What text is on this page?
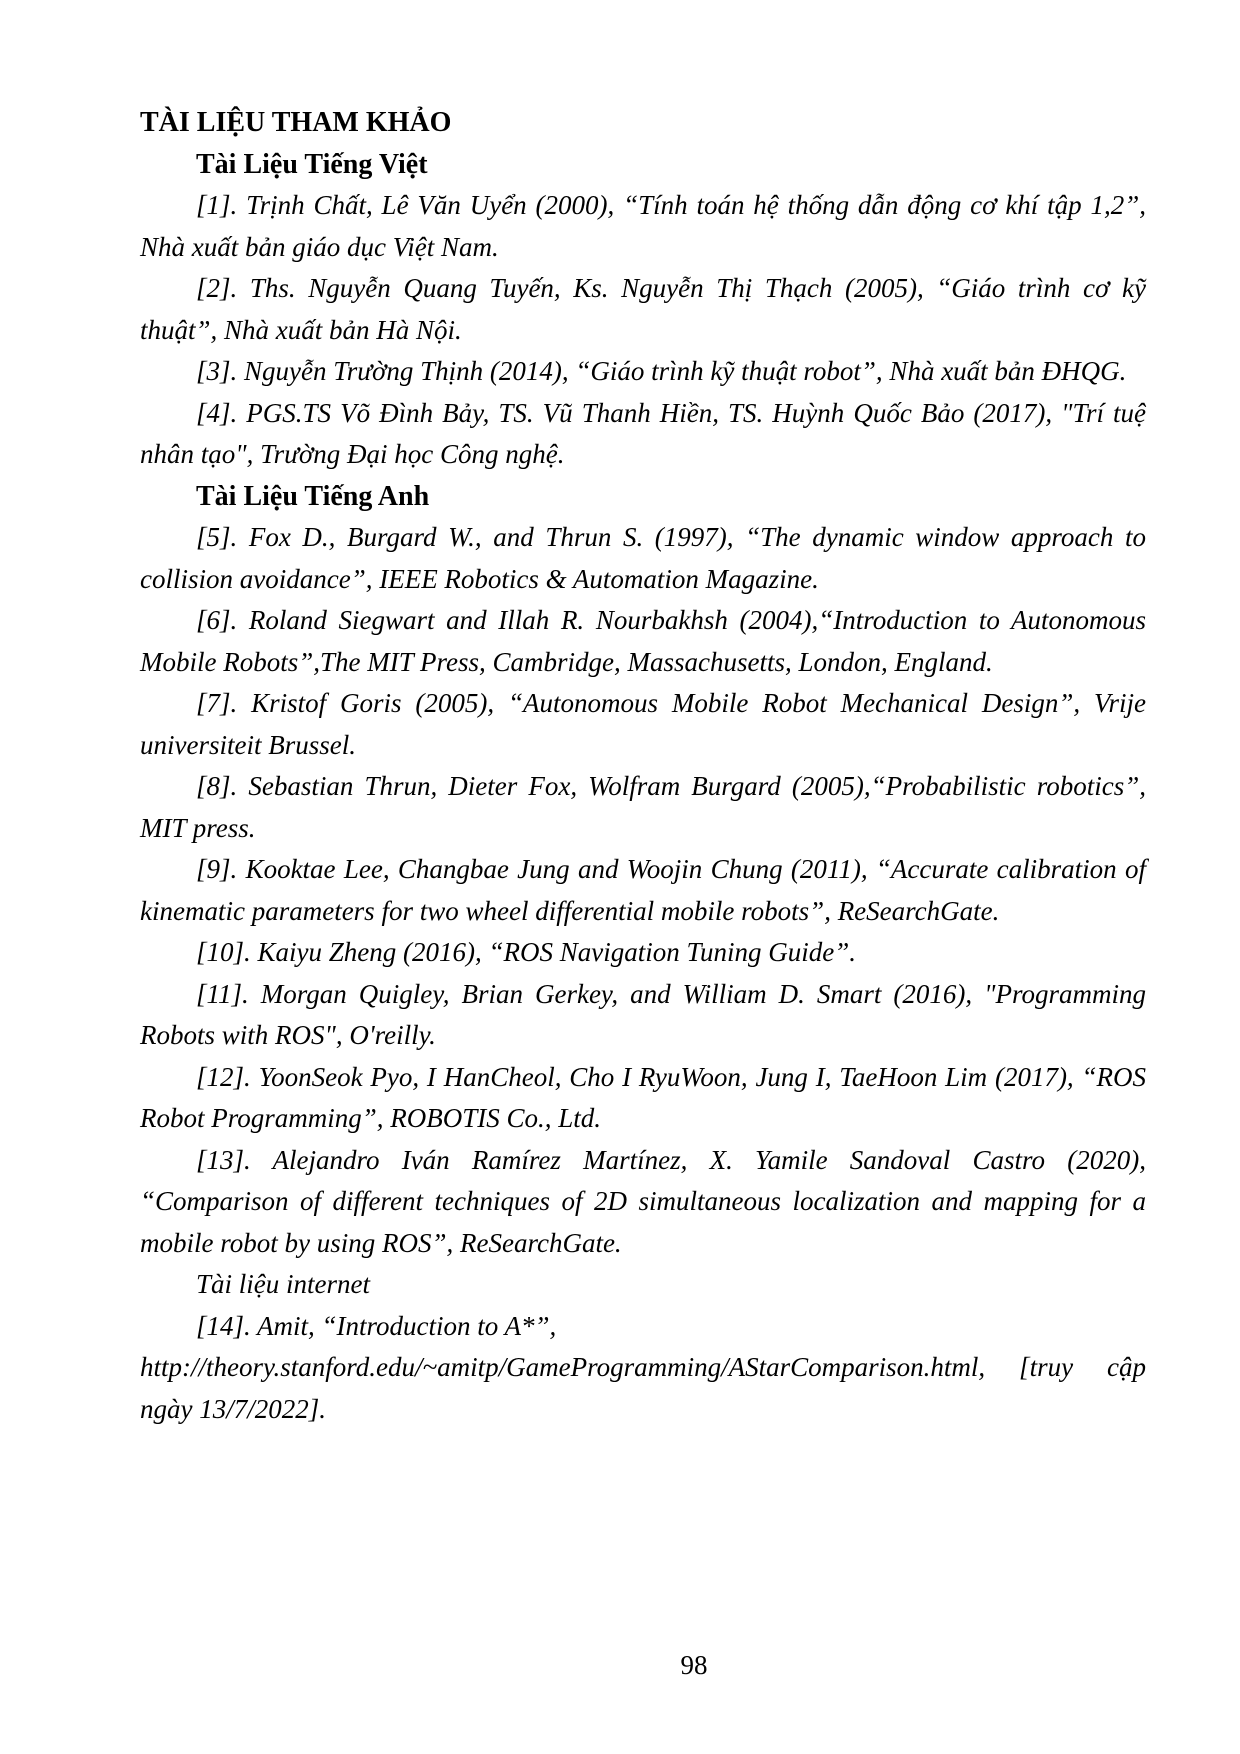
TÀI LIỆU THAM KHẢO
Tài Liệu Tiếng Việt

[1]. Trịnh Chất, Lê Văn Uyển (2000), “Tính toán hệ thống dẫn động cơ khí tập 1,2”, Nhà xuất bản giáo dục Việt Nam.

[2]. Ths. Nguyễn Quang Tuyến, Ks. Nguyễn Thị Thạch (2005), “Giáo trình cơ kỹ thuật”, Nhà xuất bản Hà Nội.

[3]. Nguyễn Trường Thịnh (2014), “Giáo trình kỹ thuật robot”, Nhà xuất bản ĐHQG.

[4]. PGS.TS Võ Đình Bảy, TS. Vũ Thanh Hiền, TS. Huỳnh Quốc Bảo (2017), "Trí tuệ nhân tạo", Trường Đại học Công nghệ.

Tài Liệu Tiếng Anh

[5]. Fox D., Burgard W., and Thrun S. (1997), “The dynamic window approach to collision avoidance”, IEEE Robotics & Automation Magazine.

[6]. Roland Siegwart and Illah R. Nourbakhsh (2004),“Introduction to Autonomous Mobile Robots”,The MIT Press, Cambridge, Massachusetts, London, England.

[7]. Kristof Goris (2005), “Autonomous Mobile Robot Mechanical Design”, Vrije universiteit Brussel.

[8]. Sebastian Thrun, Dieter Fox, Wolfram Burgard (2005),“Probabilistic robotics”, MIT press.

[9]. Kooktae Lee, Changbae Jung and Woojin Chung (2011), “Accurate calibration of kinematic parameters for two wheel differential mobile robots”, ReSearchGate.

[10]. Kaiyu Zheng (2016), “ROS Navigation Tuning Guide”.

[11]. Morgan Quigley, Brian Gerkey, and William D. Smart (2016), "Programming Robots with ROS", O'reilly.

[12]. YoonSeok Pyo, I HanCheol, Cho I RyuWoon, Jung I, TaeHoon Lim (2017), “ROS Robot Programming”, ROBOTIS Co., Ltd.

[13]. Alejandro Iván Ramírez Martínez, X. Yamile Sandoval Castro (2020), “Comparison of different techniques of 2D simultaneous localization and mapping for a mobile robot by using ROS”, ReSearchGate.

Tài liệu internet

[14]. Amit, “Introduction to A*”,

http://theory.stanford.edu/~amitp/GameProgramming/AStarComparison.html, [truy cập ngày 13/7/2022].

98
